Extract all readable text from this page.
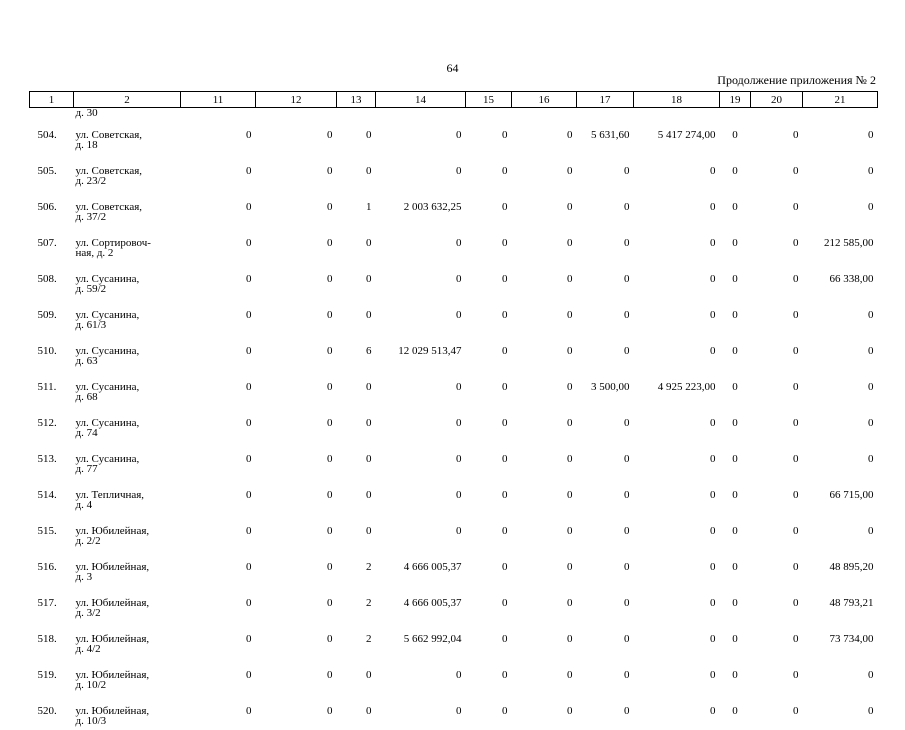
64
Продолжение приложения № 2
1	2	11	12	13	14	15	16	17	18	19	20	21
	д. 30											
504.	ул. Советская,
д. 18	0	0	0	0	0	0	5 631,60	5 417 274,00	0	0	0
505.	ул. Советская,
д. 23/2	0	0	0	0	0	0	0	0	0	0	0
506.	ул. Советская,
д. 37/2	0	0	1	2 003 632,25	0	0	0	0	0	0	0
507.	ул. Сортировоч-
ная, д. 2	0	0	0	0	0	0	0	0	0	0	212 585,00
508.	ул. Сусанина,
д. 59/2	0	0	0	0	0	0	0	0	0	0	66 338,00
509.	ул. Сусанина,
д. 61/3	0	0	0	0	0	0	0	0	0	0	0
510.	ул. Сусанина,
д. 63	0	0	6	12 029 513,47	0	0	0	0	0	0	0
511.	ул. Сусанина,
д. 68	0	0	0	0	0	0	3 500,00	4 925 223,00	0	0	0
512.	ул. Сусанина,
д. 74	0	0	0	0	0	0	0	0	0	0	0
513.	ул. Сусанина,
д. 77	0	0	0	0	0	0	0	0	0	0	0
514.	ул. Тепличная,
д. 4	0	0	0	0	0	0	0	0	0	0	66 715,00
515.	ул. Юбилейная,
д. 2/2	0	0	0	0	0	0	0	0	0	0	0
516.	ул. Юбилейная,
д. 3	0	0	2	4 666 005,37	0	0	0	0	0	0	48 895,20
517.	ул. Юбилейная,
д. 3/2	0	0	2	4 666 005,37	0	0	0	0	0	0	48 793,21
518.	ул. Юбилейная,
д. 4/2	0	0	2	5 662 992,04	0	0	0	0	0	0	73 734,00
519.	ул. Юбилейная,
д. 10/2	0	0	0	0	0	0	0	0	0	0	0
520.	ул. Юбилейная,
д. 10/3	0	0	0	0	0	0	0	0	0	0	0
